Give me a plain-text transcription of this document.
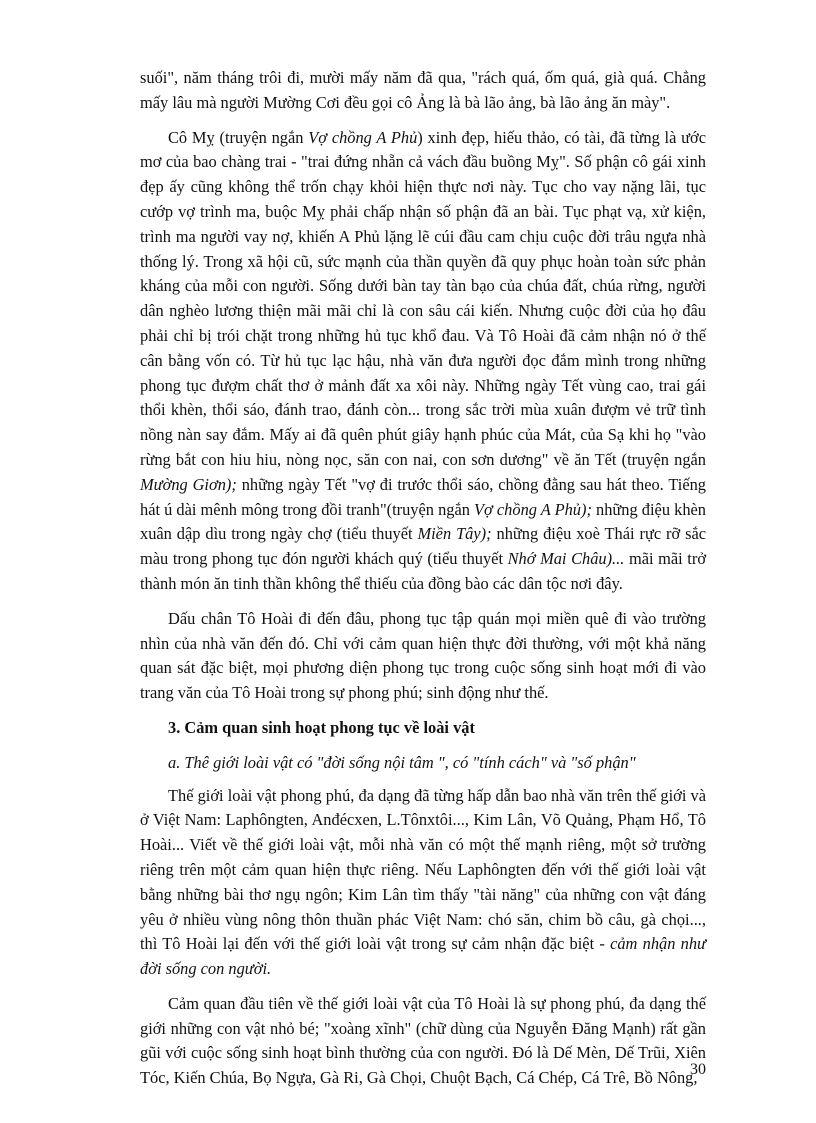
suối", năm tháng trôi đi, mười mấy năm đã qua, "rách quá, ốm quá, già quá. Chẳng mấy lâu mà người Mường Cơi đều gọi cô Ảng là bà lão ảng, bà lão ảng ăn mày".

Cô Mỵ (truyện ngắn Vợ chồng A Phủ) xinh đẹp, hiếu thảo, có tài, đã từng là ước mơ của bao chàng trai - "trai đứng nhẵn cả vách đầu buồng Mỵ". Số phận cô gái xinh đẹp ấy cũng không thể trốn chạy khỏi hiện thực nơi này. Tục cho vay nặng lãi, tục cướp vợ trình ma, buộc Mỵ phải chấp nhận số phận đã an bài. Tục phạt vạ, xử kiện, trình ma người vay nợ, khiến A Phủ lặng lẽ cúi đầu cam chịu cuộc đời trâu ngựa nhà thống lý. Trong xã hội cũ, sức mạnh của thần quyền đã quy phục hoàn toàn sức phản kháng của mỗi con người. Sống dưới bàn tay tàn bạo của chúa đất, chúa rừng, người dân nghèo lương thiện mãi mãi chỉ là con sâu cái kiến. Nhưng cuộc đời của họ đâu phải chỉ bị trói chặt trong những hủ tục khổ đau. Và Tô Hoài đã cảm nhận nó ở thế cân bằng vốn có. Từ hủ tục lạc hậu, nhà văn đưa người đọc đắm mình trong những phong tục đượm chất thơ ở mảnh đất xa xôi này. Những ngày Tết vùng cao, trai gái thổi khèn, thổi sáo, đánh trao, đánh còn... trong sắc trời mùa xuân đượm vẻ trữ tình nồng nàn say đắm. Mấy ai đã quên phút giây hạnh phúc của Mát, của Sạ khi họ "vào rừng bắt con hiu hiu, nòng nọc, săn con nai, con sơn dương" về ăn Tết (truyện ngắn Mường Giơn); những ngày Tết "vợ đi trước thổi sáo, chồng đằng sau hát theo. Tiếng hát ú dài mênh mông trong đồi tranh"(truyện ngắn Vợ chồng A Phủ); những điệu khèn xuân dập dìu trong ngày chợ (tiểu thuyết Miền Tây); những điệu xoè Thái rực rỡ sắc màu trong phong tục đón người khách quý (tiểu thuyết Nhớ Mai Châu)... mãi mãi trở thành món ăn tinh thần không thể thiếu của đồng bào các dân tộc nơi đây.

Dấu chân Tô Hoài đi đến đâu, phong tục tập quán mọi miền quê đi vào trường nhìn của nhà văn đến đó. Chỉ với cảm quan hiện thực đời thường, với một khả năng quan sát đặc biệt, mọi phương diện phong tục trong cuộc sống sinh hoạt mới đi vào trang văn của Tô Hoài trong sự phong phú; sinh động như thế.

3. Cảm quan sinh hoạt phong tục về loài vật
a. Thê giới loài vật có "đời sống nội tâm ", có "tính cách" và "số phận"

Thế giới loài vật phong phú, đa dạng đã từng hấp dẫn bao nhà văn trên thế giới và ở Việt Nam: Laphôngten, Anđécxen, L.Tônxtôi..., Kim Lân, Võ Quảng, Phạm Hổ, Tô Hoài... Viết về thế giới loài vật, mỗi nhà văn có một thế mạnh riêng, một sở trường riêng trên một cảm quan hiện thực riêng. Nếu Laphôngten đến với thế giới loài vật bằng những bài thơ ngụ ngôn; Kim Lân tìm thấy "tài năng" của những con vật đáng yêu ở nhiều vùng nông thôn thuần phác Việt Nam: chó săn, chim bồ câu, gà chọi..., thì Tô Hoài lại đến với thế giới loài vật trong sự cảm nhận đặc biệt - cảm nhận như đời sống con người.

Cảm quan đầu tiên về thế giới loài vật của Tô Hoài là sự phong phú, đa dạng thế giới những con vật nhỏ bé; "xoàng xĩnh" (chữ dùng của Nguyễn Đăng Mạnh) rất gần gũi với cuộc sống sinh hoạt bình thường của con người. Đó là Dế Mèn, Dế Trũi, Xiên Tóc, Kiến Chúa, Bọ Ngựa, Gà Ri, Gà Chọi, Chuột Bạch, Cá Chép, Cá Trê, Bồ Nông,

30
